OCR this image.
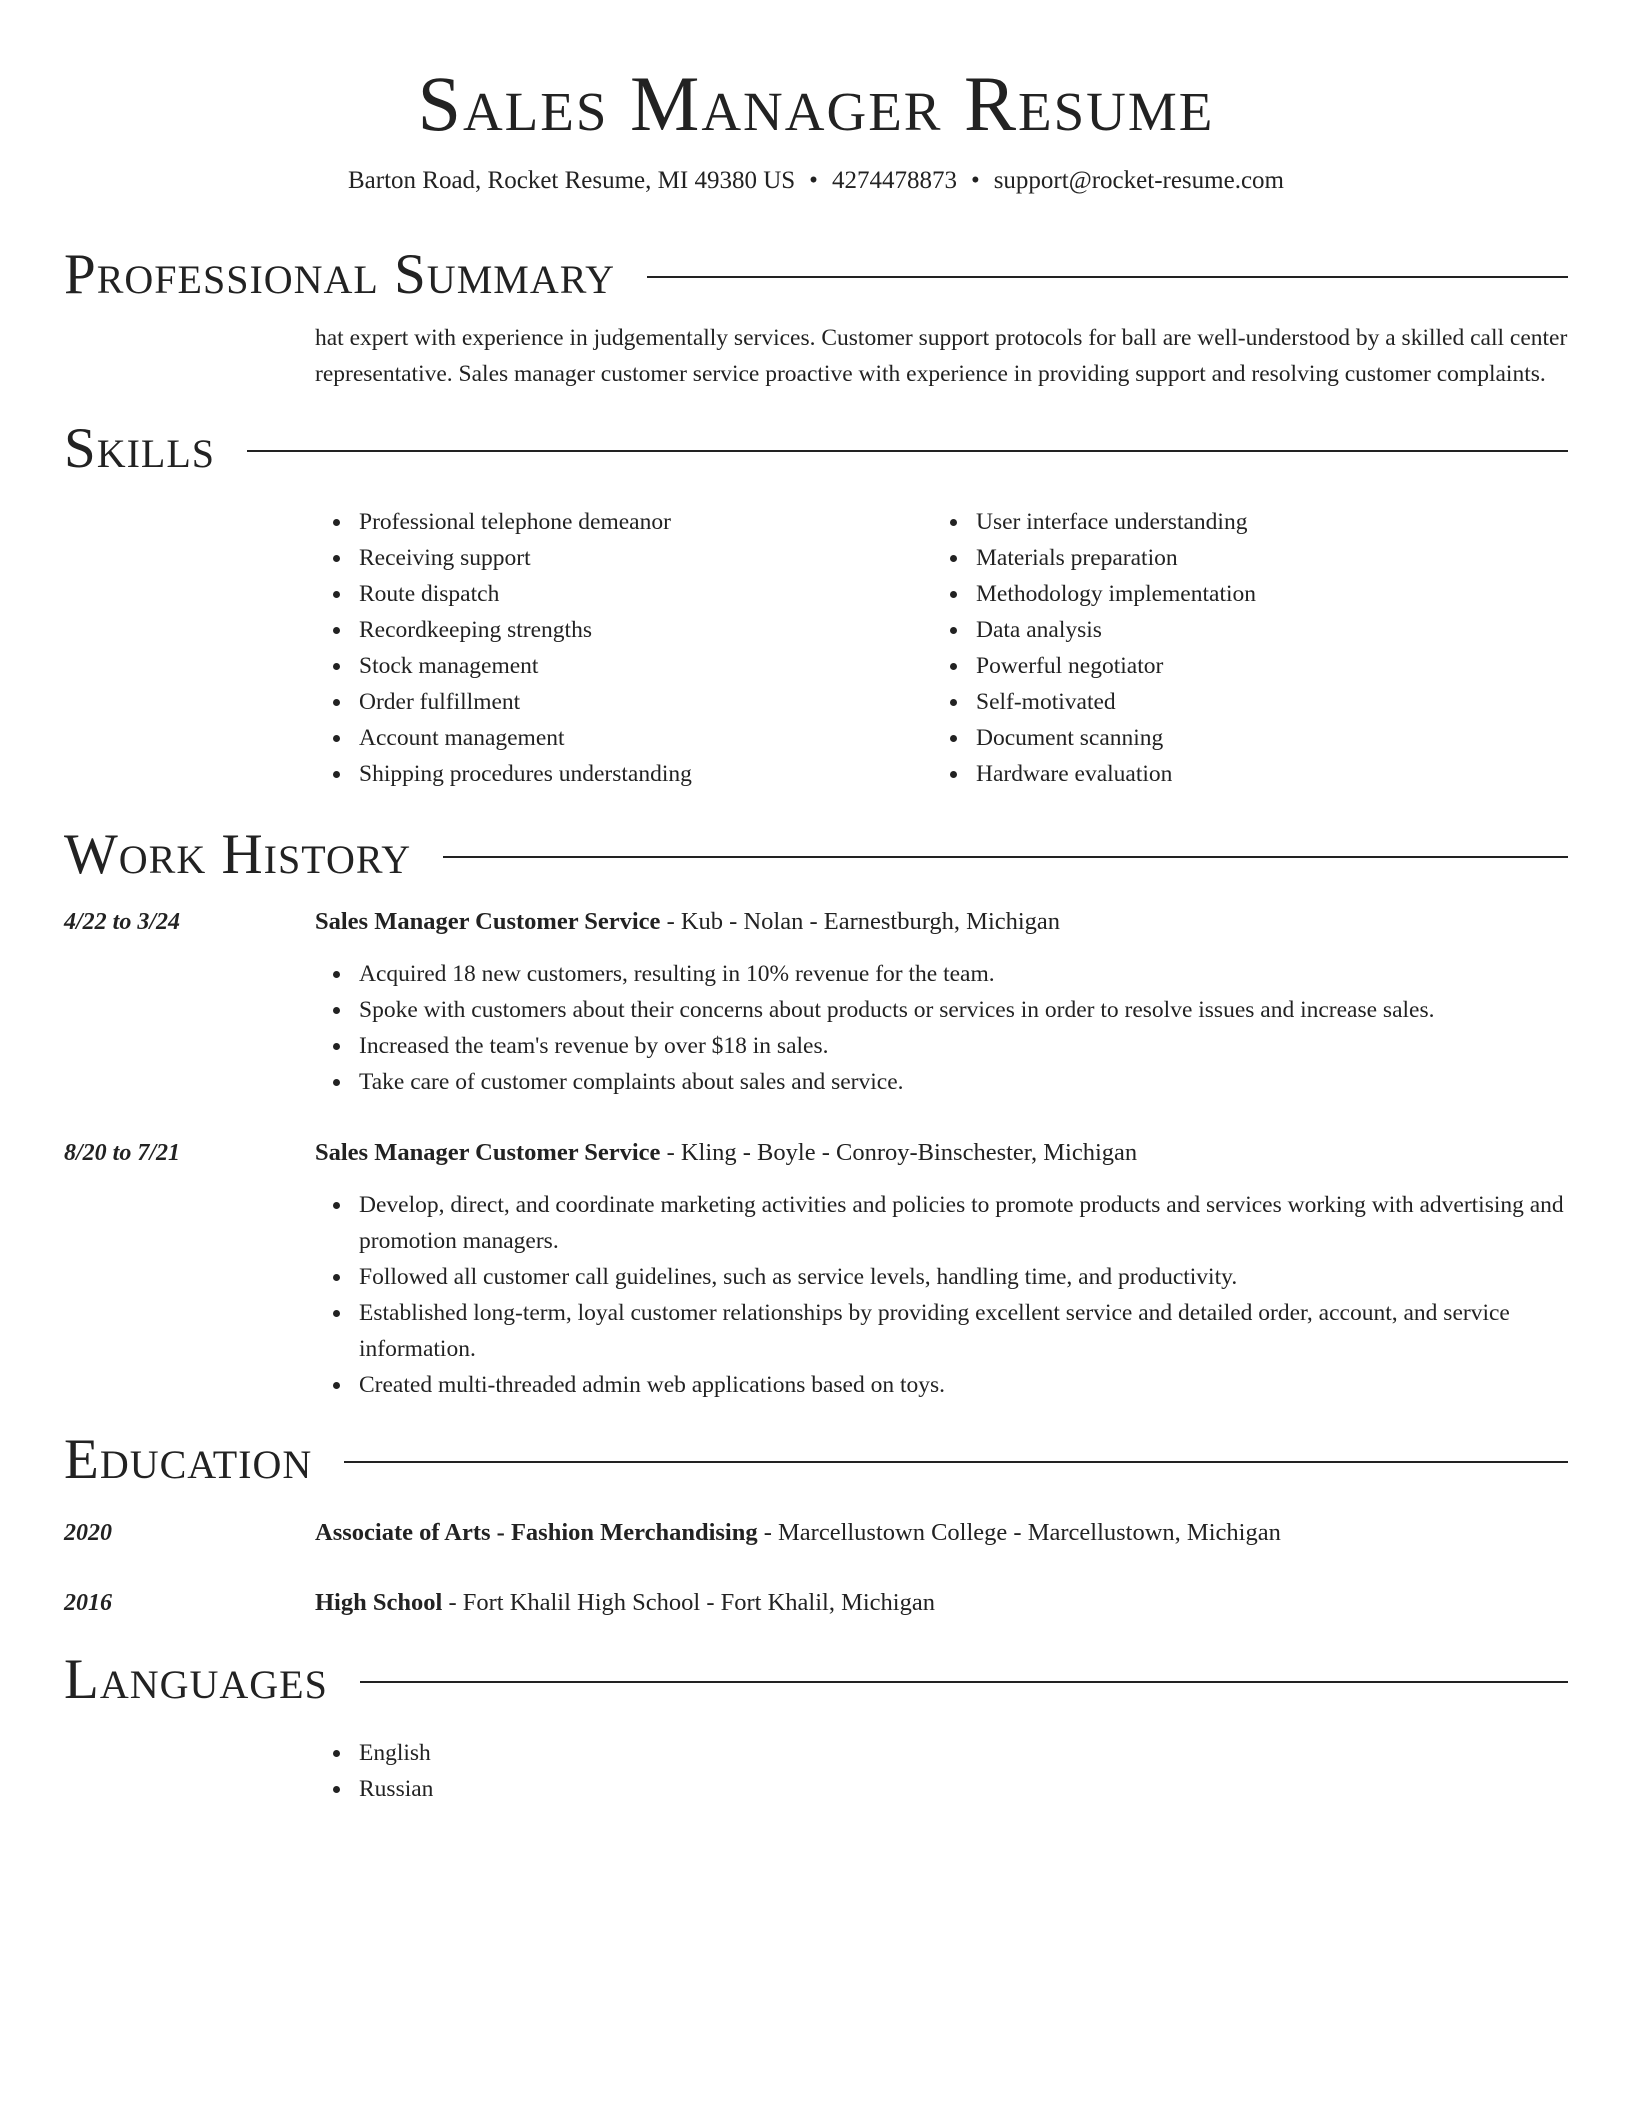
Sales Manager Resume
Barton Road, Rocket Resume, MI 49380 US • 4274478873 • support@rocket-resume.com
Professional Summary
hat expert with experience in judgementally services. Customer support protocols for ball are well-understood by a skilled call center representative. Sales manager customer service proactive with experience in providing support and resolving customer complaints.
Skills
Professional telephone demeanor
Receiving support
Route dispatch
Recordkeeping strengths
Stock management
Order fulfillment
Account management
Shipping procedures understanding
User interface understanding
Materials preparation
Methodology implementation
Data analysis
Powerful negotiator
Self-motivated
Document scanning
Hardware evaluation
Work History
4/22 to 3/24	Sales Manager Customer Service - Kub - Nolan - Earnestburgh, Michigan
Acquired 18 new customers, resulting in 10% revenue for the team.
Spoke with customers about their concerns about products or services in order to resolve issues and increase sales.
Increased the team's revenue by over $18 in sales.
Take care of customer complaints about sales and service.
8/20 to 7/21	Sales Manager Customer Service - Kling - Boyle - Conroy-Binschester, Michigan
Develop, direct, and coordinate marketing activities and policies to promote products and services working with advertising and promotion managers.
Followed all customer call guidelines, such as service levels, handling time, and productivity.
Established long-term, loyal customer relationships by providing excellent service and detailed order, account, and service information.
Created multi-threaded admin web applications based on toys.
Education
2020	Associate of Arts - Fashion Merchandising - Marcellustown College - Marcellustown, Michigan
2016	High School - Fort Khalil High School - Fort Khalil, Michigan
Languages
English
Russian
